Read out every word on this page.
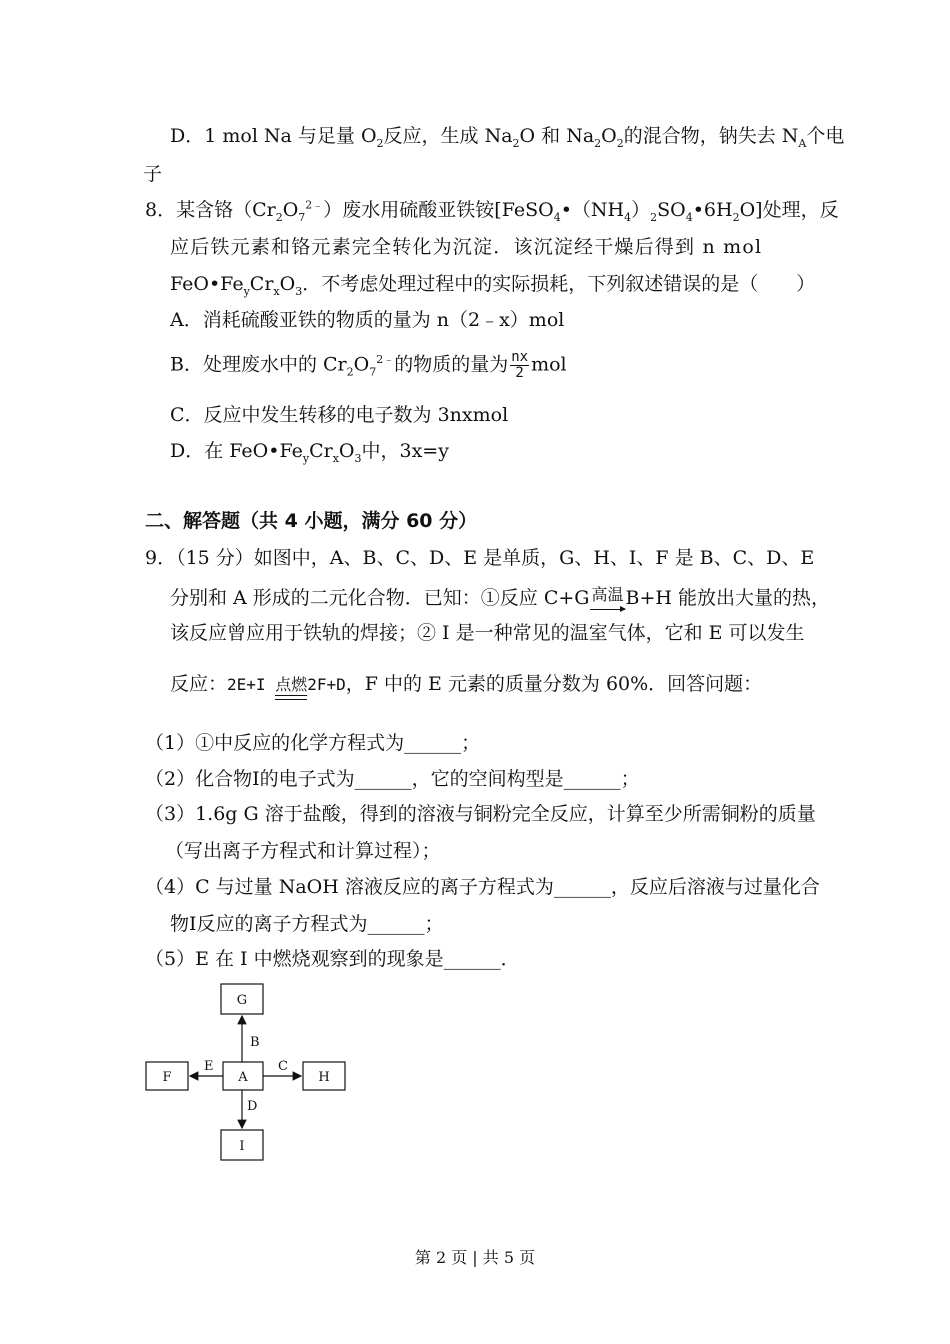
D．1 mol Na 与足量 $O_2$反应，生成 $Na_2O$ 和 $Na_2O_2$的混合物，钠失去 $N_A$个电
子
8．某含铬$(Cr_2O_7^{2﹣})$废水用硫酸亚铁铵$[FeSO_4•(NH_4)_2SO_4•6H_2O]$处理，反
应后铁元素和铬元素完全转化为沉淀．该沉淀经干燥后得到 n mol
$FeO•Fe_yCr_xO_3$．不考虑处理过程中的实际损耗，下列叙述错误的是（　　）
A．消耗硫酸亚铁的物质的量为 n（2﹣x）mol
B．处理废水中的 $Cr_2O_7^{2﹣}$的物质的量为 $\frac{nx}{2}$ mol
C．反应中发生转移的电子数为 3nxmol
D．在 $FeO•Fe_yCr_xO_3$中，3x=y
二、解答题（共 4 小题，满分 60 分）
9．（15 分）如图中，A、B、C、D、E 是单质，G、H、I、F 是 B、C、D、E
分别和 A 形成的二元化合物．已知：①反应 C+G 高温 B+H 能放出大量的热，
该反应曾应用于铁轨的焊接；② I 是一种常见的温室气体，它和 E 可以发生
反应：2E+I 点燃2F+D，F 中的 E 元素的质量分数为 60%．回答问题：
（1）①中反应的化学方程式为______；
（2）化合物Ⅰ的电子式为______，它的空间构型是______；
（3）1.6g G 溶于盐酸，得到的溶液与铜粉完全反应，计算至少所需铜粉的质量
（写出离子方程式和计算过程）；
（4）C 与过量 NaOH 溶液反应的离子方程式为______，反应后溶液与过量化合
物Ⅰ反应的离子方程式为______；
（5）E 在 I 中燃烧观察到的现象是______．
G
F	A	H
I
B
E	C
D
第 2 页 | 共 5 页
